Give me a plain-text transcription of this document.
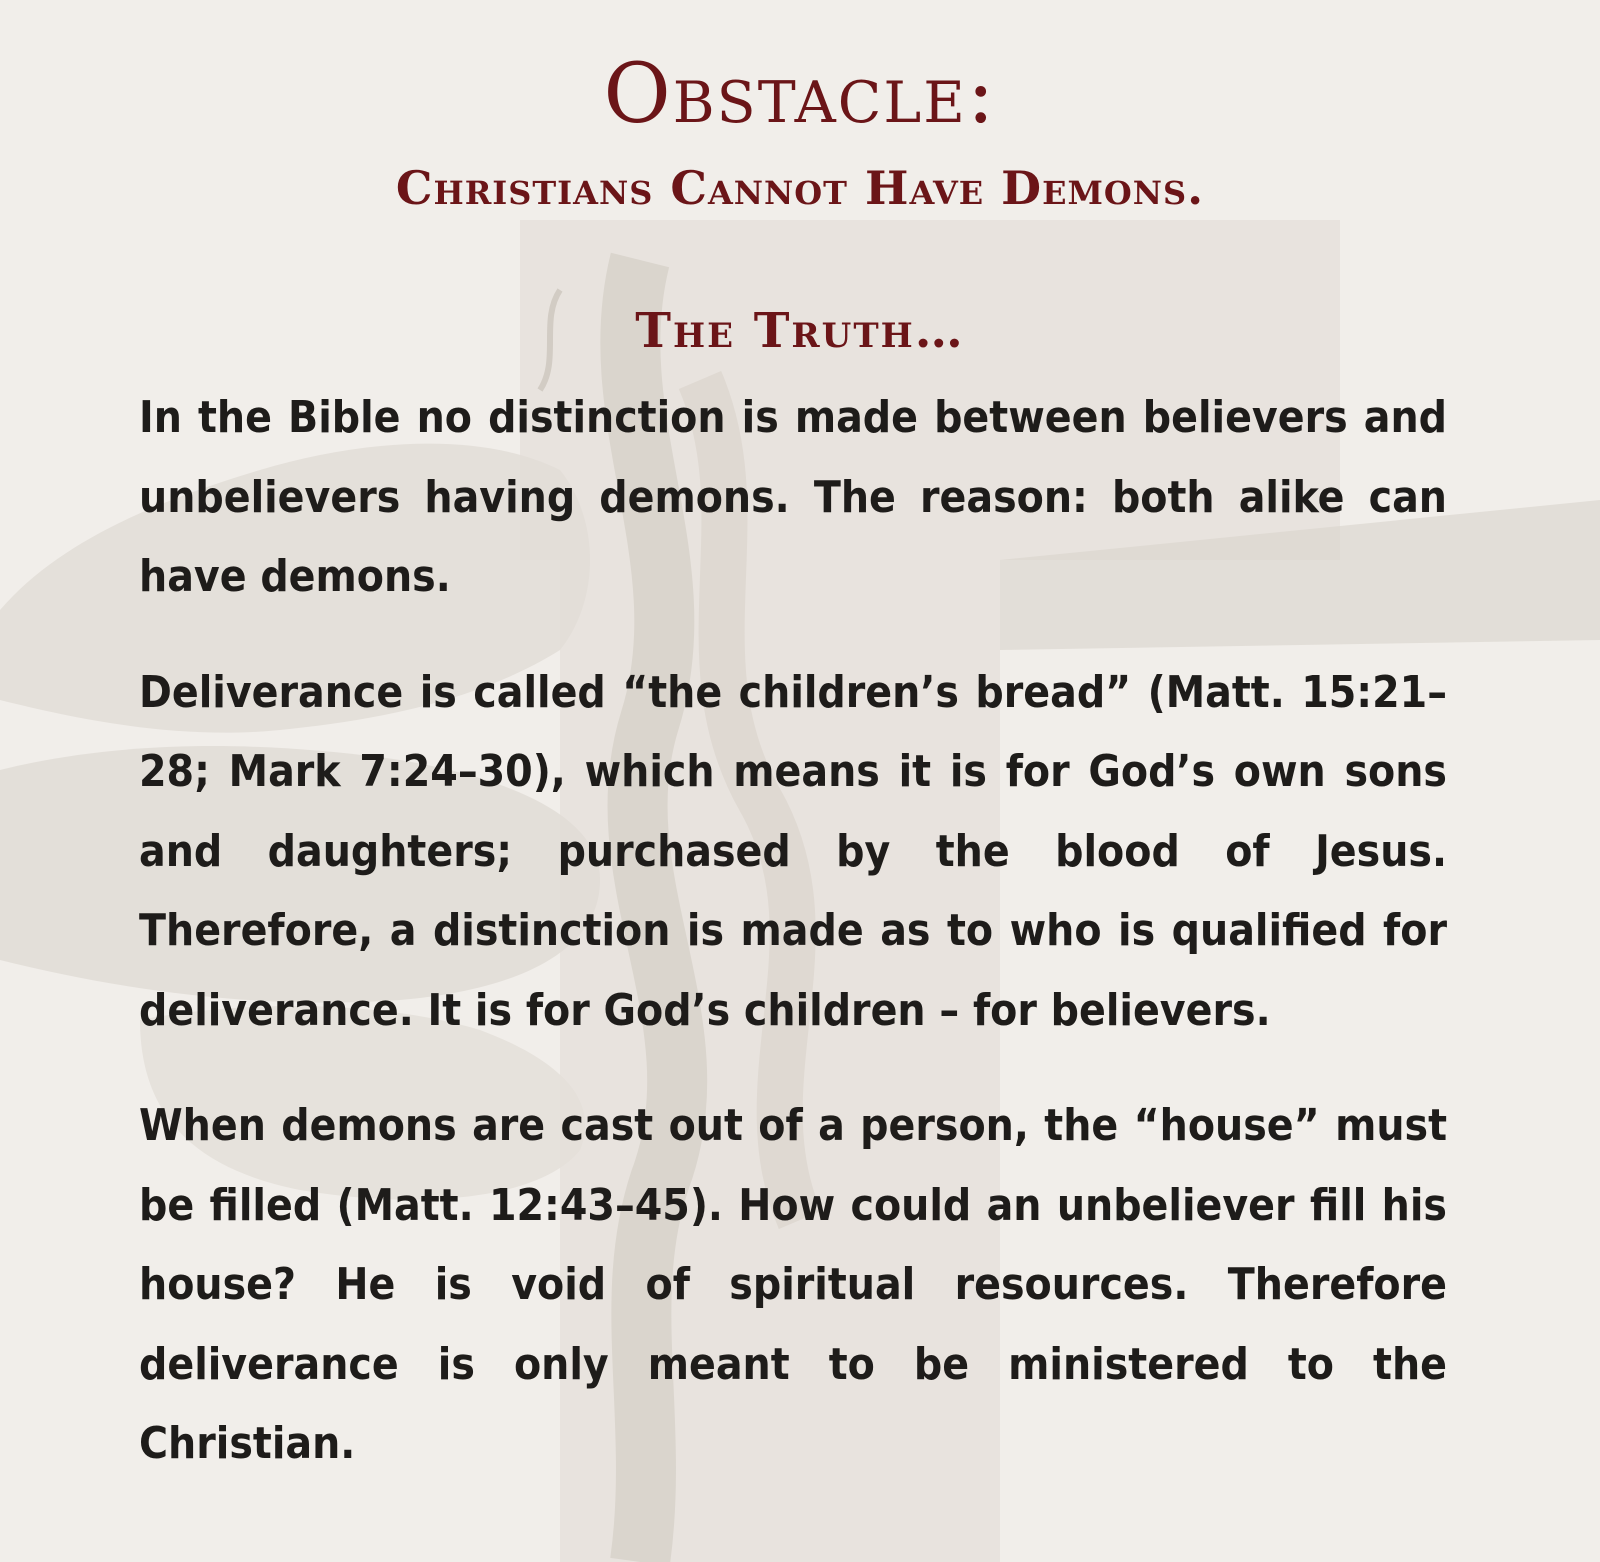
Obstacle:
Christians Cannot Have Demons.
The Truth…

In the Bible no distinction is made between believers and unbelievers having demons. The reason: both alike can have demons.

Deliverance is called “the children’s bread” (Matt. 15:21–28; Mark 7:24–30), which means it is for God’s own sons and daughters; purchased by the blood of Jesus. Therefore, a distinction is made as to who is qualified for deliverance. It is for God’s children – for believers.

When demons are cast out of a person, the “house” must be filled (Matt. 12:43–45). How could an unbeliever fill his house? He is void of spiritual resources. Therefore deliverance is only meant to be ministered to the Christian.
